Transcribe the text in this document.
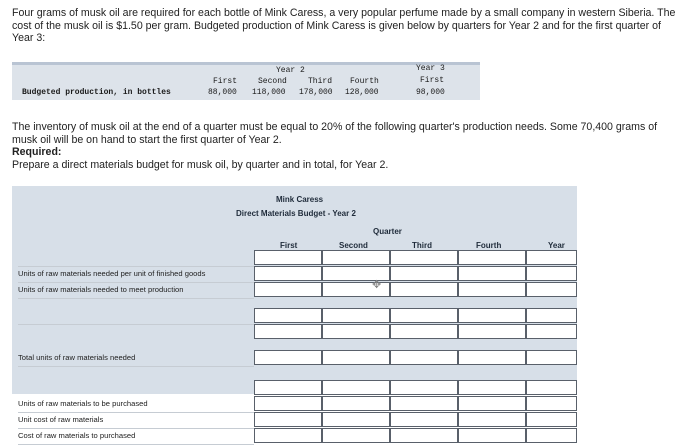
Four grams of musk oil are required for each bottle of Mink Caress, a very popular perfume made by a small company in western Siberia. The cost of the musk oil is $1.50 per gram. Budgeted production of Mink Caress is given below by quarters for Year 2 and for the first quarter of Year 3:
Budgeted production, in bottles
Year 2	Year 3
First	Second	Third Fourth	First
88,000 118,000 178,000 128,000	98,000
The inventory of musk oil at the end of a quarter must be equal to 20% of the following quarter's production needs. Some 70,400 grams of musk oil will be on hand to start the first quarter of Year 2.
Required:
Prepare a direct materials budget for musk oil, by quarter and in total, for Year 2.
Mink Caress
Direct Materials Budget - Year 2
Quarter
First	Second	Third	Fourth	Year
Units of raw materials needed per unit of finished goods
Units of raw materials needed to meet production
Total units of raw materials needed
Units of raw materials to be purchased
Unit cost of raw materials
Cost of raw materials to purchased
✥
